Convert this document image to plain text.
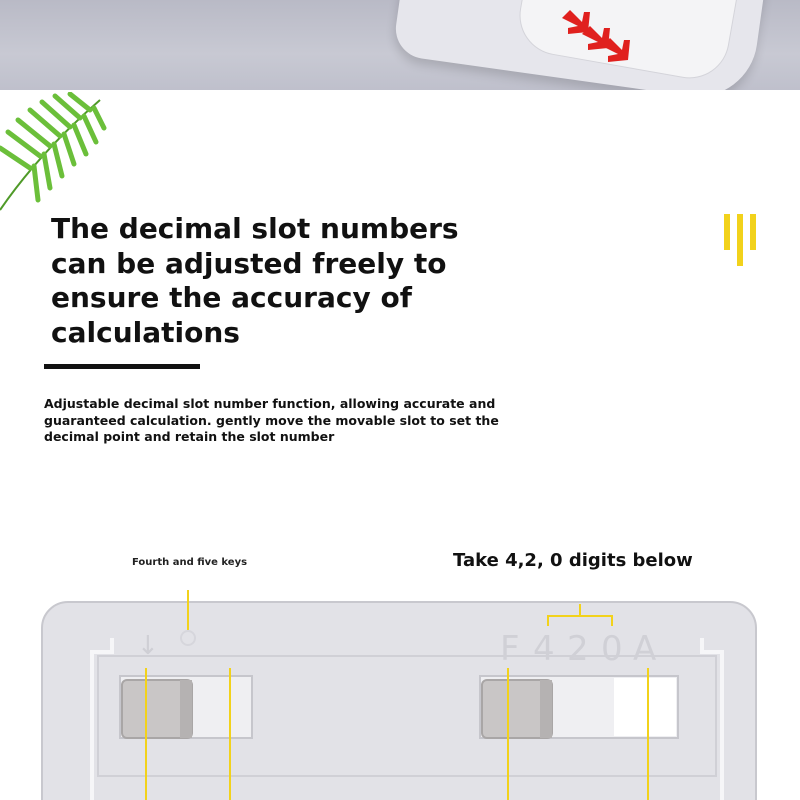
The decimal slot numbers can be adjusted freely to ensure the accuracy of calculations

Adjustable decimal slot number function, allowing accurate and guaranteed calculation. gently move the movable slot to set the decimal point and retain the slot number

Fourth and five keys	Take 4,2, 0 digits below
↓	F 4 2 0 A
